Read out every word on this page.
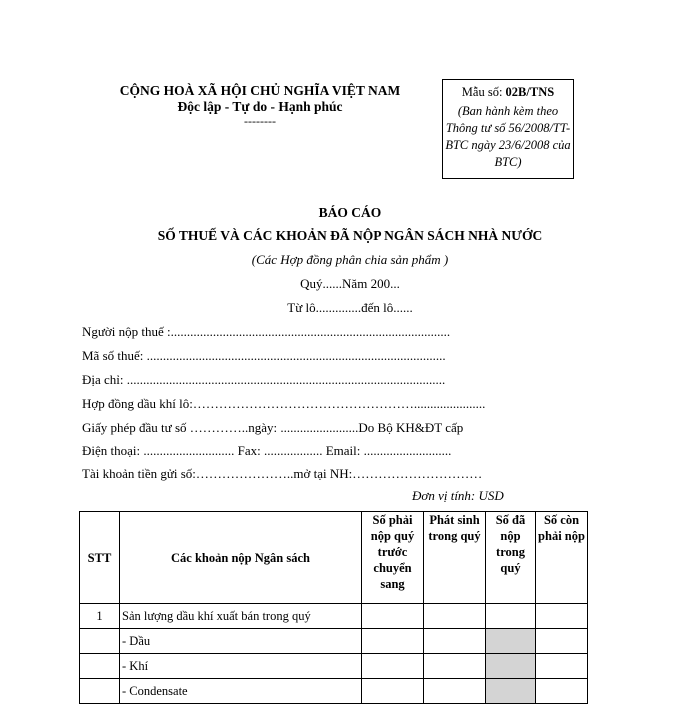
CỘNG HOÀ XÃ HỘI CHỦ NGHĨA VIỆT NAM
Độc lập - Tự do - Hạnh phúc
--------
Mẫu số: 02B/TNS
(Ban hành kèm theo Thông tư số 56/2008/TT-BTC ngày 23/6/2008 của BTC)
BÁO CÁO
SỐ THUẾ VÀ CÁC KHOẢN ĐÃ NỘP NGÂN SÁCH NHÀ NƯỚC
(Các Hợp đồng phân chia sản phẩm )
Quý......Năm 200...
Từ lô..............đến lô......
Người nộp thuế :......................................................................................
Mã số thuế: ............................................................................................
Địa chỉ: ..................................................................................................
Hợp đồng dầu khí lô:……………………………………………......................
Giấy phép đầu tư số …………..ngày: ........................Do Bộ KH&ĐT cấp
Điện thoại: ............................ Fax: .................. Email: ...........................
Tài khoản tiền gửi số:…………………..mở tại NH:…………………………
Đơn vị tính: USD
STT	Các khoản nộp Ngân sách	Số phải nộp quý trước chuyển sang	Phát sinh trong quý	Số đã nộp trong quý	Số còn phải nộp
1	Sản lượng dầu khí xuất bán trong quý				
	- Dầu				
	- Khí				
	- Condensate				
